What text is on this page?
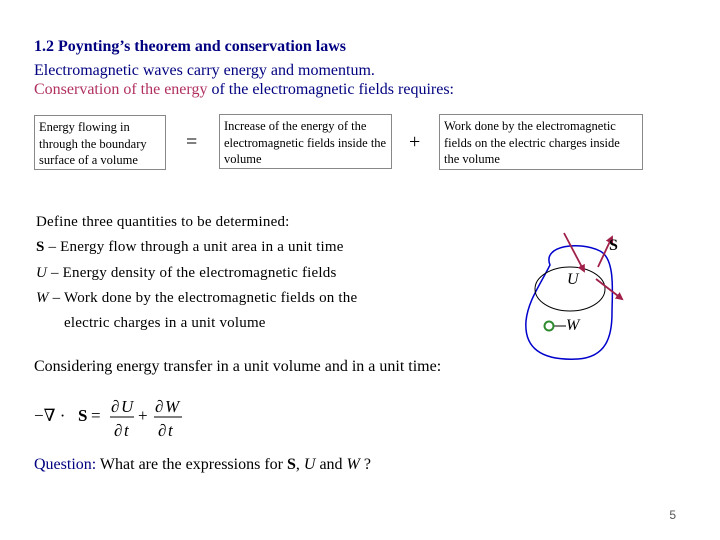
1.2 Poynting’s theorem and conservation laws
Electromagnetic waves carry energy and momentum.
Conservation of the energy of the electromagnetic fields requires:
Energy flowing in through the boundary surface of a volume
=
Increase of the energy of the electromagnetic fields inside the volume
+
Work done by the electromagnetic fields on the electric charges inside the volume
Define three quantities to be determined:
S – Energy flow through a unit area in a unit time
U – Energy density of the electromagnetic fields
W – Work done by the electromagnetic fields on the
electric charges in a unit volume
S
U
W
Considering energy transfer in a unit volume and in a unit time:
−∇ · S = ∂ U
∂ t
+ ∂ W
∂ t
Question: What are the expressions for S, U and W ?
5
